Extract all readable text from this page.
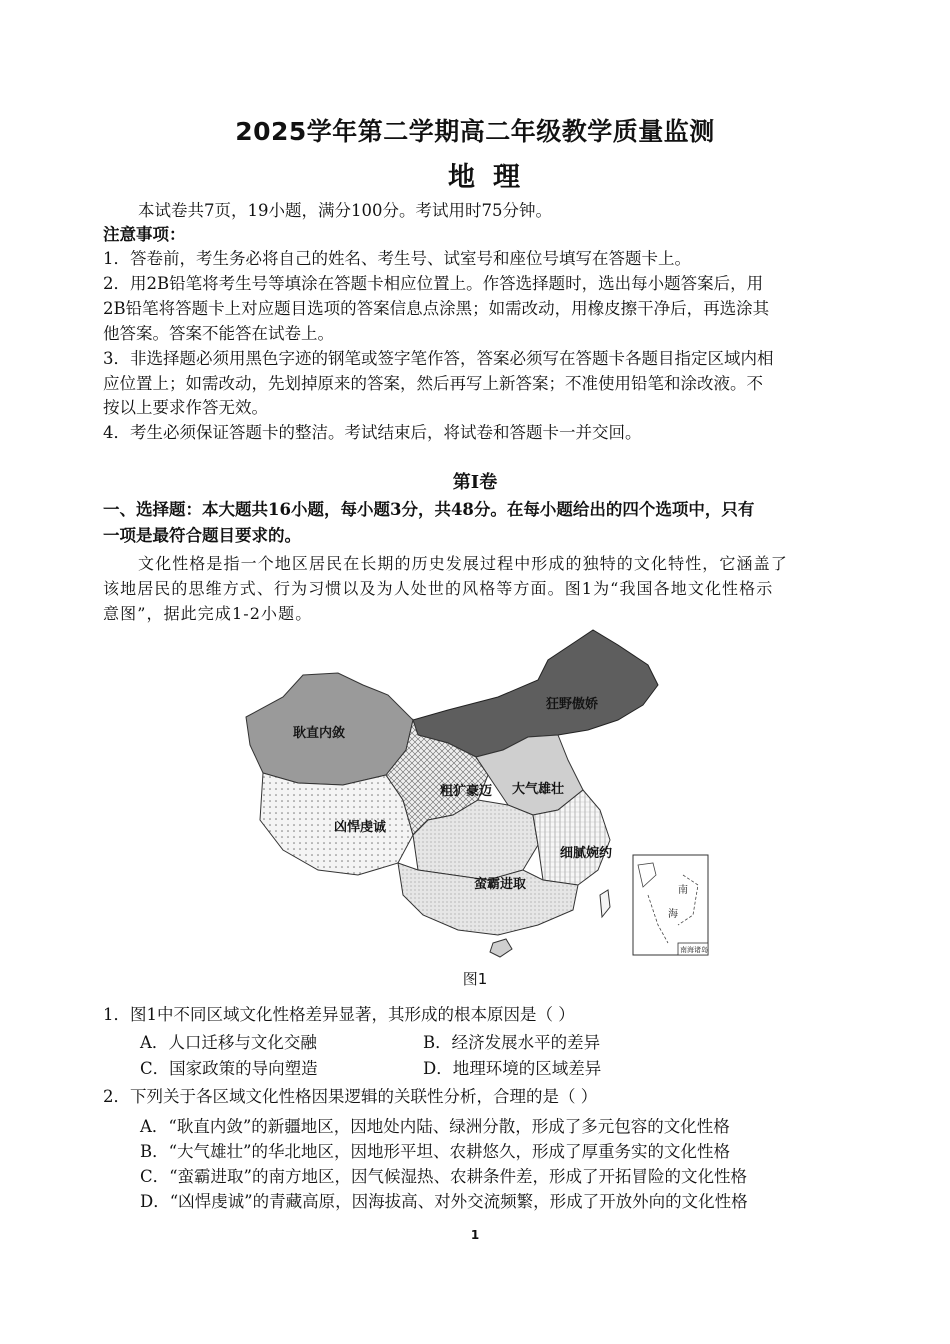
2025学年第二学期高二年级教学质量监测
地理
本试卷共7页，19小题，满分100分。考试用时75分钟。
注意事项：
1．答卷前，考生务必将自己的姓名、考生号、试室号和座位号填写在答题卡上。
2．用2B铅笔将考生号等填涂在答题卡相应位置上。作答选择题时，选出每小题答案后，用
2B铅笔将答题卡上对应题目选项的答案信息点涂黑；如需改动，用橡皮擦干净后，再选涂其
他答案。答案不能答在试卷上。
3．非选择题必须用黑色字迹的钢笔或签字笔作答，答案必须写在答题卡各题目指定区域内相
应位置上；如需改动，先划掉原来的答案，然后再写上新答案；不准使用铅笔和涂改液。不
按以上要求作答无效。
4．考生必须保证答题卡的整洁。考试结束后，将试卷和答题卡一并交回。
第Ⅰ卷
一、选择题：本大题共16小题，每小题3分，共48分。在每小题给出的四个选项中，只有
一项是最符合题目要求的。
文化性格是指一个地区居民在长期的历史发展过程中形成的独特的文化特性，它涵盖了
该地居民的思维方式、行为习惯以及为人处世的风格等方面。图1为“我国各地文化性格示
意图”，据此完成1-2小题。
耿直内敛
狂野傲娇
粗犷豪迈 大气雄壮
凶悍虔诚
细腻婉约
蛮霸进取	南
海
南海诸岛
图1
1．图1中不同区域文化性格差异显著，其形成的根本原因是（ ）
A．人口迁移与文化交融	B．经济发展水平的差异
C．国家政策的导向塑造	D．地理环境的区域差异
2．下列关于各区域文化性格因果逻辑的关联性分析，合理的是（ ）
A．“耿直内敛”的新疆地区，因地处内陆、绿洲分散，形成了多元包容的文化性格
B．“大气雄壮”的华北地区，因地形平坦、农耕悠久，形成了厚重务实的文化性格
C．“蛮霸进取”的南方地区，因气候湿热、农耕条件差，形成了开拓冒险的文化性格
D．“凶悍虔诚”的青藏高原，因海拔高、对外交流频繁，形成了开放外向的文化性格
1
